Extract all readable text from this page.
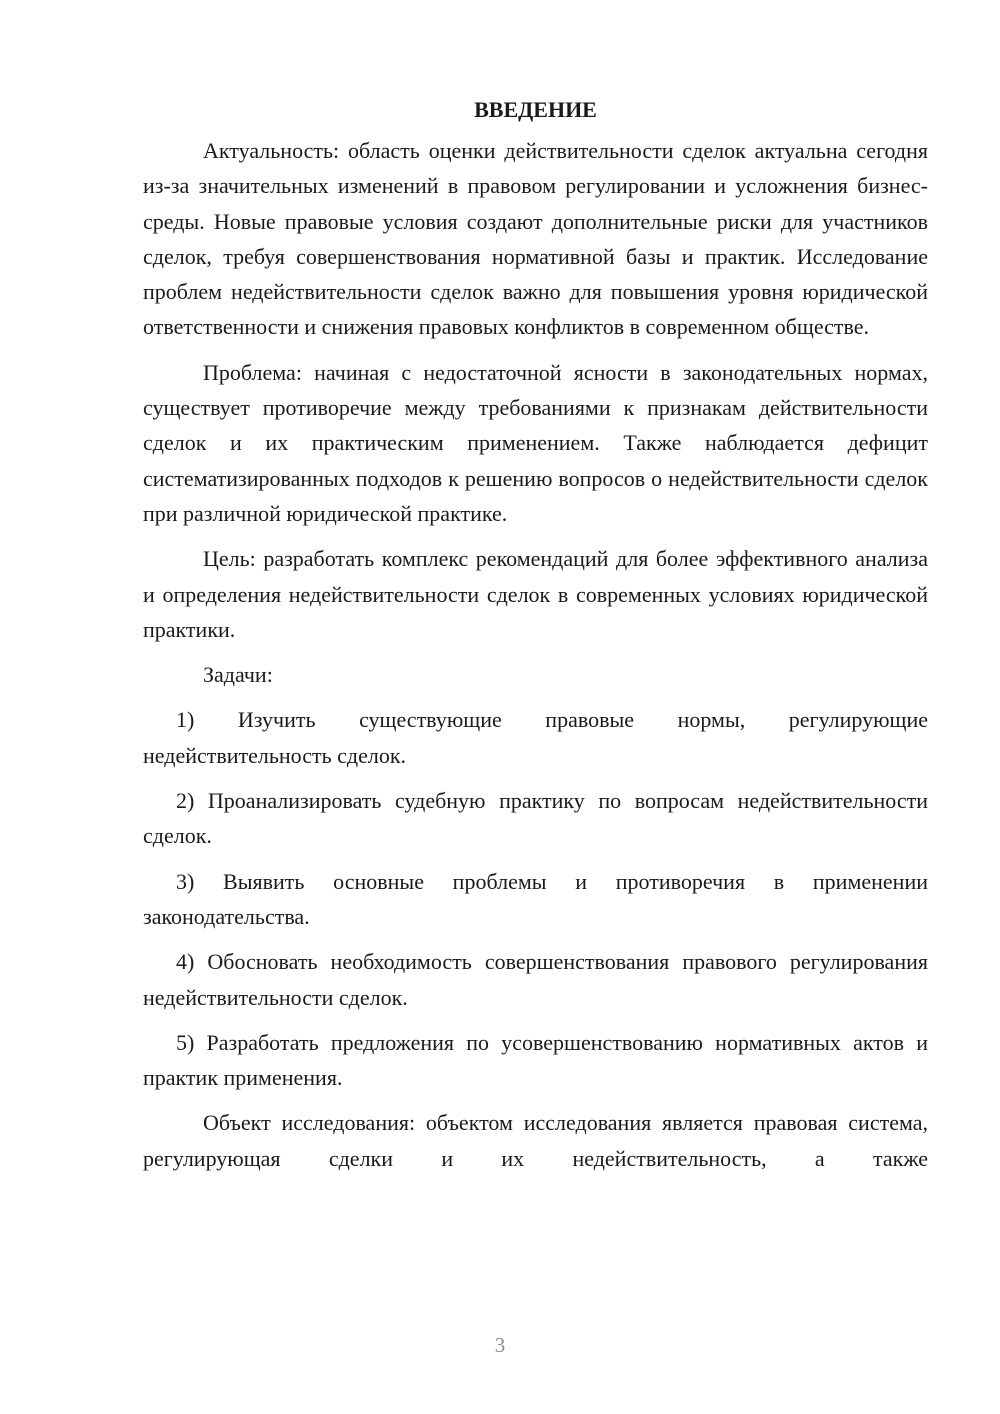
ВВЕДЕНИЕ

Актуальность: область оценки действительности сделок актуальна сегодня из-за значительных изменений в правовом регулировании и усложнения бизнес-среды. Новые правовые условия создают дополнительные риски для участников сделок, требуя совершенствования нормативной базы и практик. Исследование проблем недействительности сделок важно для повышения уровня юридической ответственности и снижения правовых конфликтов в современном обществе.

Проблема: начиная с недостаточной ясности в законодательных нормах, существует противоречие между требованиями к признакам действительности сделок и их практическим применением. Также наблюдается дефицит систематизированных подходов к решению вопросов о недействительности сделок при различной юридической практике.

Цель: разработать комплекс рекомендаций для более эффективного анализа и определения недействительности сделок в современных условиях юридической практики.

Задачи:

1) Изучить существующие правовые нормы, регулирующие недействительность сделок.

2) Проанализировать судебную практику по вопросам недействительности сделок.

3) Выявить основные проблемы и противоречия в применении законодательства.

4) Обосновать необходимость совершенствования правового регулирования недействительности сделок.

5) Разработать предложения по усовершенствованию нормативных актов и практик применения.

Объект исследования: объектом исследования является правовая система, регулирующая сделки и их недействительность, а также

3
